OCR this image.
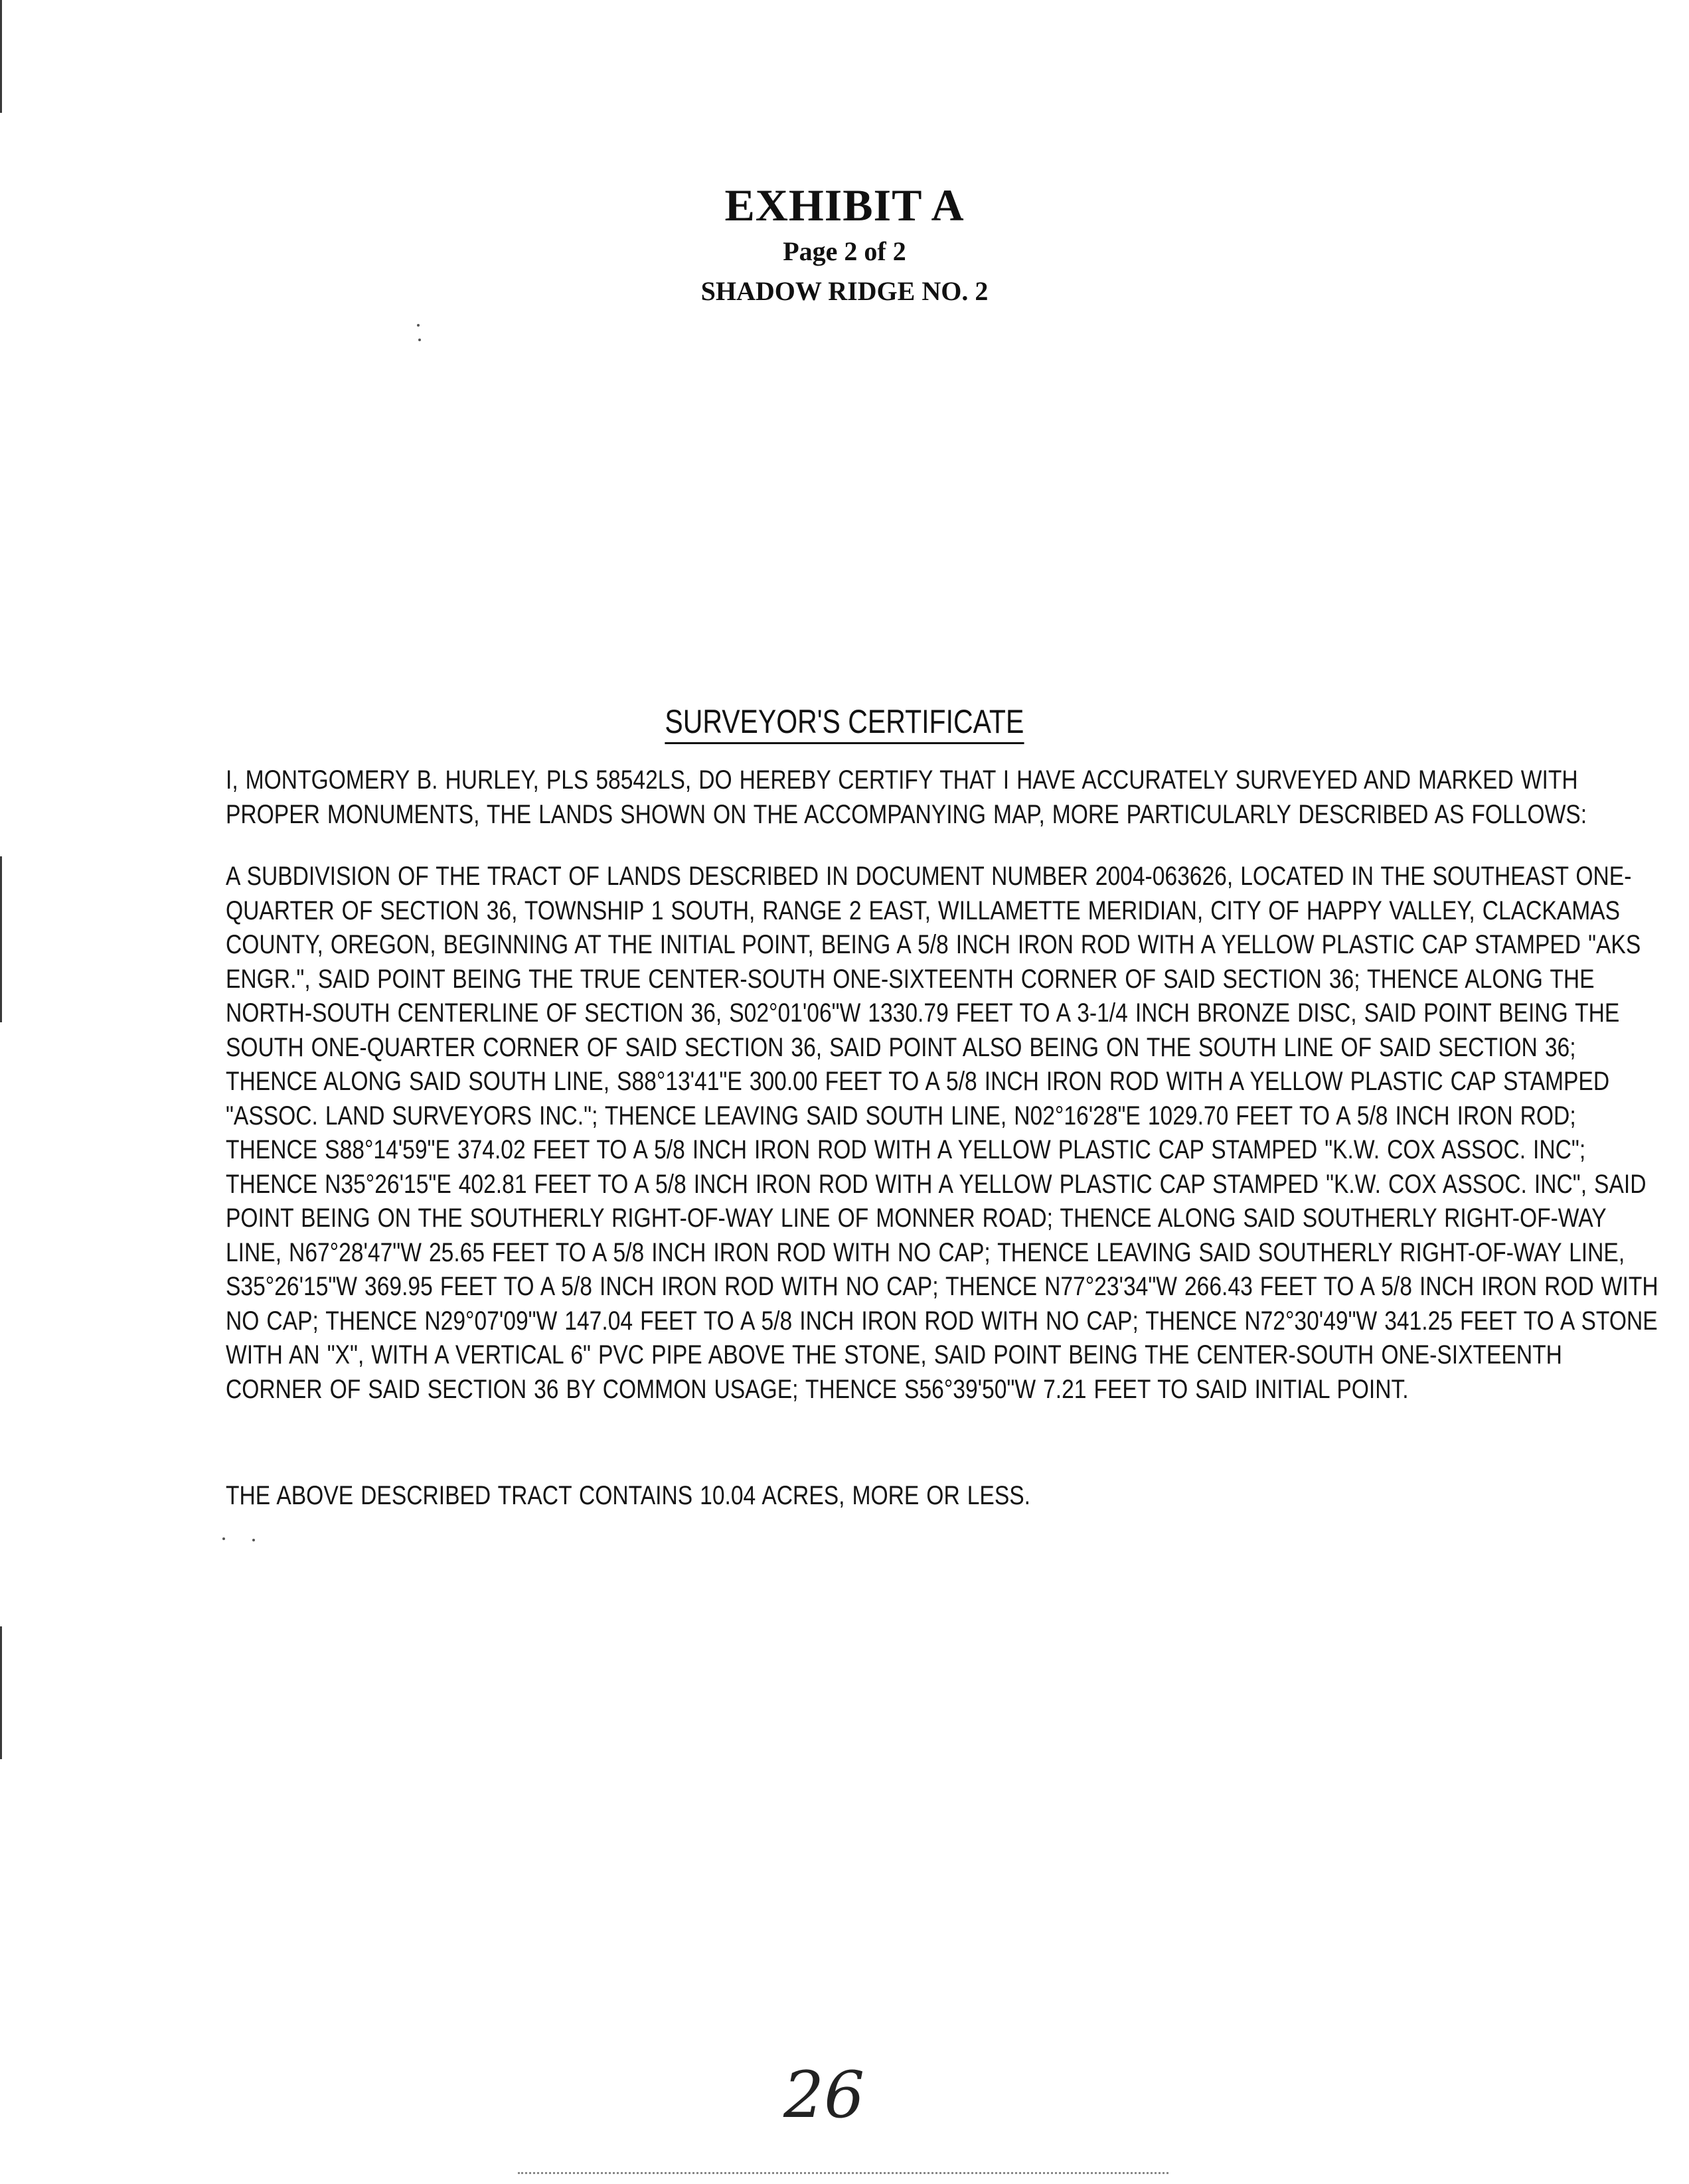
EXHIBIT A
Page 2 of 2
SHADOW RIDGE NO. 2
SURVEYOR'S CERTIFICATE
I, MONTGOMERY B. HURLEY, PLS 58542LS, DO HEREBY CERTIFY THAT I HAVE ACCURATELY SURVEYED AND MARKED WITH PROPER MONUMENTS, THE LANDS SHOWN ON THE ACCOMPANYING MAP, MORE PARTICULARLY DESCRIBED AS FOLLOWS:
A SUBDIVISION OF THE TRACT OF LANDS DESCRIBED IN DOCUMENT NUMBER 2004-063626, LOCATED IN THE SOUTHEAST ONE-QUARTER OF SECTION 36, TOWNSHIP 1 SOUTH, RANGE 2 EAST, WILLAMETTE MERIDIAN, CITY OF HAPPY VALLEY, CLACKAMAS COUNTY, OREGON, BEGINNING AT THE INITIAL POINT, BEING A 5/8 INCH IRON ROD WITH A YELLOW PLASTIC CAP STAMPED "AKS ENGR.", SAID POINT BEING THE TRUE CENTER-SOUTH ONE-SIXTEENTH CORNER OF SAID SECTION 36; THENCE ALONG THE NORTH-SOUTH CENTERLINE OF SECTION 36, S02°01'06"W 1330.79 FEET TO A 3-1/4 INCH BRONZE DISC, SAID POINT BEING THE SOUTH ONE-QUARTER CORNER OF SAID SECTION 36, SAID POINT ALSO BEING ON THE SOUTH LINE OF SAID SECTION 36; THENCE ALONG SAID SOUTH LINE, S88°13'41"E 300.00 FEET TO A 5/8 INCH IRON ROD WITH A YELLOW PLASTIC CAP STAMPED "ASSOC. LAND SURVEYORS INC."; THENCE LEAVING SAID SOUTH LINE, N02°16'28"E 1029.70 FEET TO A 5/8 INCH IRON ROD; THENCE S88°14'59"E 374.02 FEET TO A 5/8 INCH IRON ROD WITH A YELLOW PLASTIC CAP STAMPED "K.W. COX ASSOC. INC"; THENCE N35°26'15"E 402.81 FEET TO A 5/8 INCH IRON ROD WITH A YELLOW PLASTIC CAP STAMPED "K.W. COX ASSOC. INC", SAID POINT BEING ON THE SOUTHERLY RIGHT-OF-WAY LINE OF MONNER ROAD; THENCE ALONG SAID SOUTHERLY RIGHT-OF-WAY LINE, N67°28'47"W 25.65 FEET TO A 5/8 INCH IRON ROD WITH NO CAP; THENCE LEAVING SAID SOUTHERLY RIGHT-OF-WAY LINE, S35°26'15"W 369.95 FEET TO A 5/8 INCH IRON ROD WITH NO CAP; THENCE N77°23'34"W 266.43 FEET TO A 5/8 INCH IRON ROD WITH NO CAP; THENCE N29°07'09"W 147.04 FEET TO A 5/8 INCH IRON ROD WITH NO CAP; THENCE N72°30'49"W 341.25 FEET TO A STONE WITH AN "X", WITH A VERTICAL 6" PVC PIPE ABOVE THE STONE, SAID POINT BEING THE CENTER-SOUTH ONE-SIXTEENTH CORNER OF SAID SECTION 36 BY COMMON USAGE; THENCE S56°39'50"W 7.21 FEET TO SAID INITIAL POINT.
THE ABOVE DESCRIBED TRACT CONTAINS 10.04 ACRES, MORE OR LESS.
26
